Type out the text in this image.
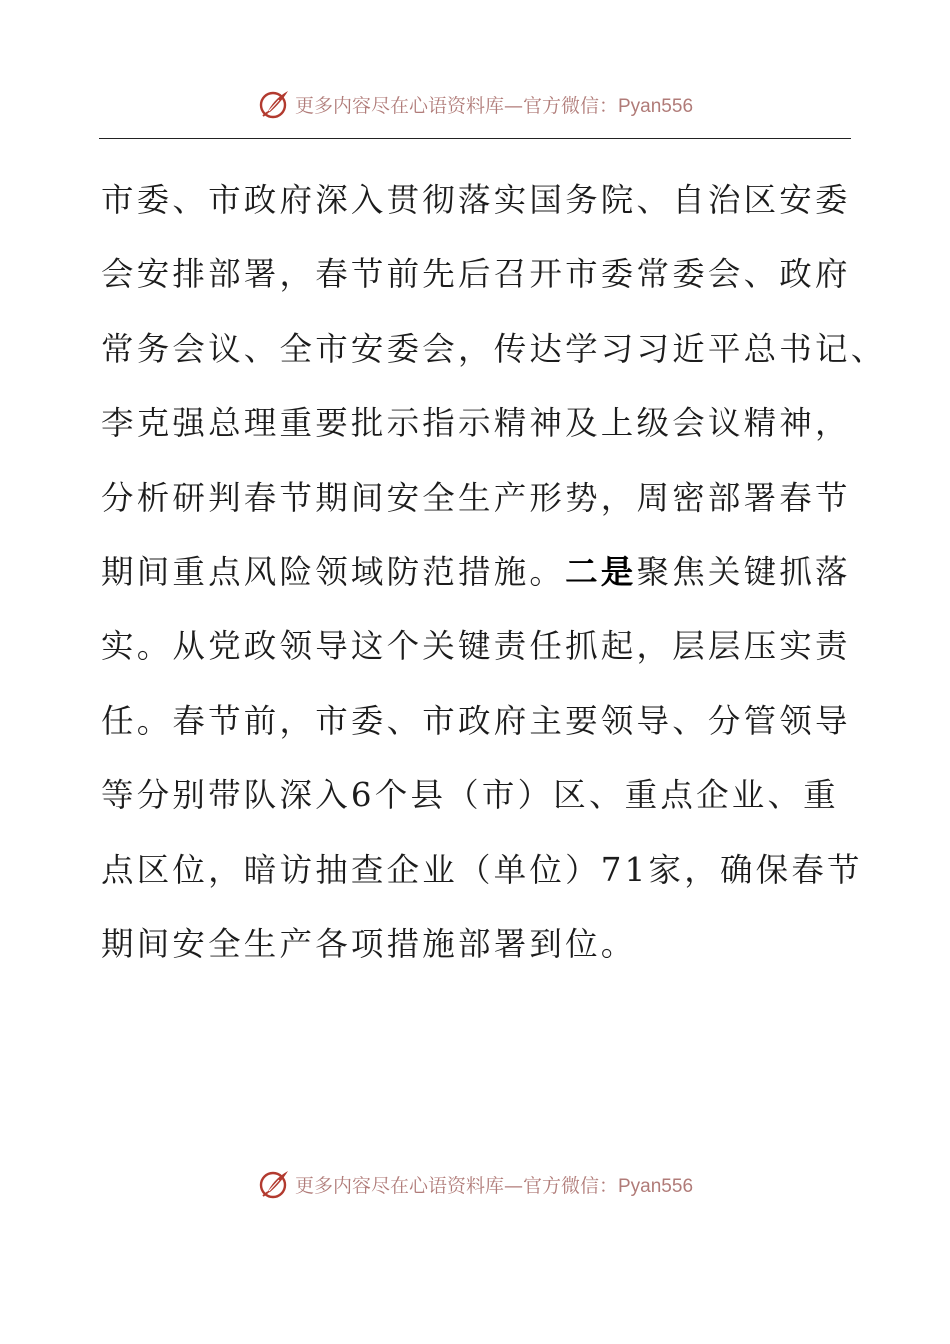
更多内容尽在心语资料库—官方微信：Pyan556
市委、市政府深入贯彻落实国务院、自治区安委
会安排部署，春节前先后召开市委常委会、政府
常务会议、全市安委会，传达学习习近平总书记、
李克强总理重要批示指示精神及上级会议精神，
分析研判春节期间安全生产形势，周密部署春节
期间重点风险领域防范措施。二是聚焦关键抓落
实。从党政领导这个关键责任抓起，层层压实责
任。春节前，市委、市政府主要领导、分管领导
等分别带队深入6个县（市）区、重点企业、重
点区位，暗访抽查企业（单位）71家，确保春节
期间安全生产各项措施部署到位。
更多内容尽在心语资料库—官方微信：Pyan556
